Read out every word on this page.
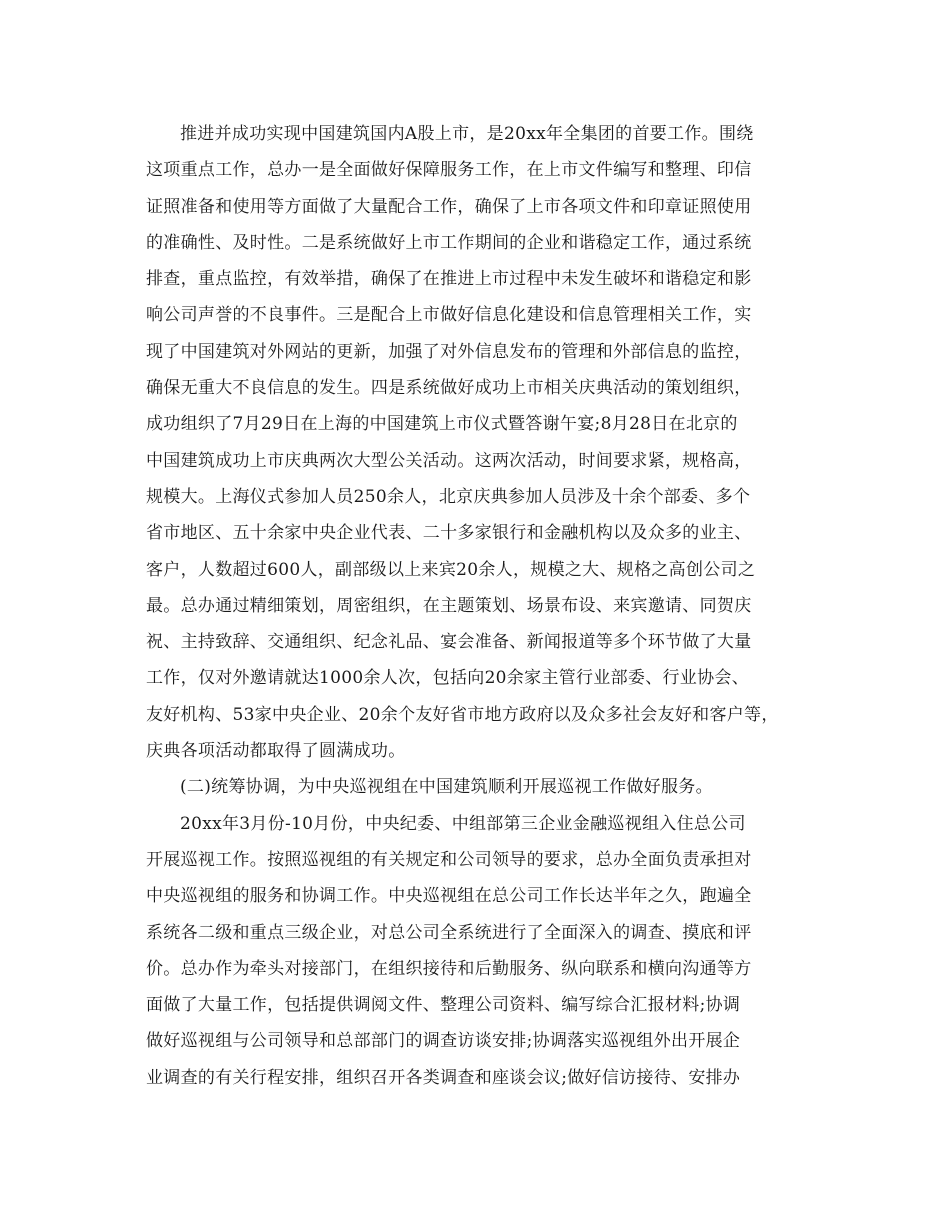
推进并成功实现中国建筑国内A股上市，是20xx年全集团的首要工作。围绕
这项重点工作，总办一是全面做好保障服务工作，在上市文件编写和整理、印信
证照准备和使用等方面做了大量配合工作，确保了上市各项文件和印章证照使用
的准确性、及时性。二是系统做好上市工作期间的企业和谐稳定工作，通过系统
排查，重点监控，有效举措，确保了在推进上市过程中未发生破坏和谐稳定和影
响公司声誉的不良事件。三是配合上市做好信息化建设和信息管理相关工作，实
现了中国建筑对外网站的更新，加强了对外信息发布的管理和外部信息的监控，
确保无重大不良信息的发生。四是系统做好成功上市相关庆典活动的策划组织，
成功组织了7月29日在上海的中国建筑上市仪式暨答谢午宴;8月28日在北京的
中国建筑成功上市庆典两次大型公关活动。这两次活动，时间要求紧，规格高，
规模大。上海仪式参加人员250余人，北京庆典参加人员涉及十余个部委、多个
省市地区、五十余家中央企业代表、二十多家银行和金融机构以及众多的业主、
客户，人数超过600人，副部级以上来宾20余人，规模之大、规格之高创公司之
最。总办通过精细策划，周密组织，在主题策划、场景布设、来宾邀请、同贺庆
祝、主持致辞、交通组织、纪念礼品、宴会准备、新闻报道等多个环节做了大量
工作，仅对外邀请就达1000余人次，包括向20余家主管行业部委、行业协会、
友好机构、53家中央企业、20余个友好省市地方政府以及众多社会友好和客户等，
庆典各项活动都取得了圆满成功。
(二)统筹协调，为中央巡视组在中国建筑顺利开展巡视工作做好服务。
20xx年3月份-10月份，中央纪委、中组部第三企业金融巡视组入住总公司
开展巡视工作。按照巡视组的有关规定和公司领导的要求，总办全面负责承担对
中央巡视组的服务和协调工作。中央巡视组在总公司工作长达半年之久，跑遍全
系统各二级和重点三级企业，对总公司全系统进行了全面深入的调查、摸底和评
价。总办作为牵头对接部门，在组织接待和后勤服务、纵向联系和横向沟通等方
面做了大量工作，包括提供调阅文件、整理公司资料、编写综合汇报材料;协调
做好巡视组与公司领导和总部部门的调查访谈安排;协调落实巡视组外出开展企
业调查的有关行程安排，组织召开各类调查和座谈会议;做好信访接待、安排办
